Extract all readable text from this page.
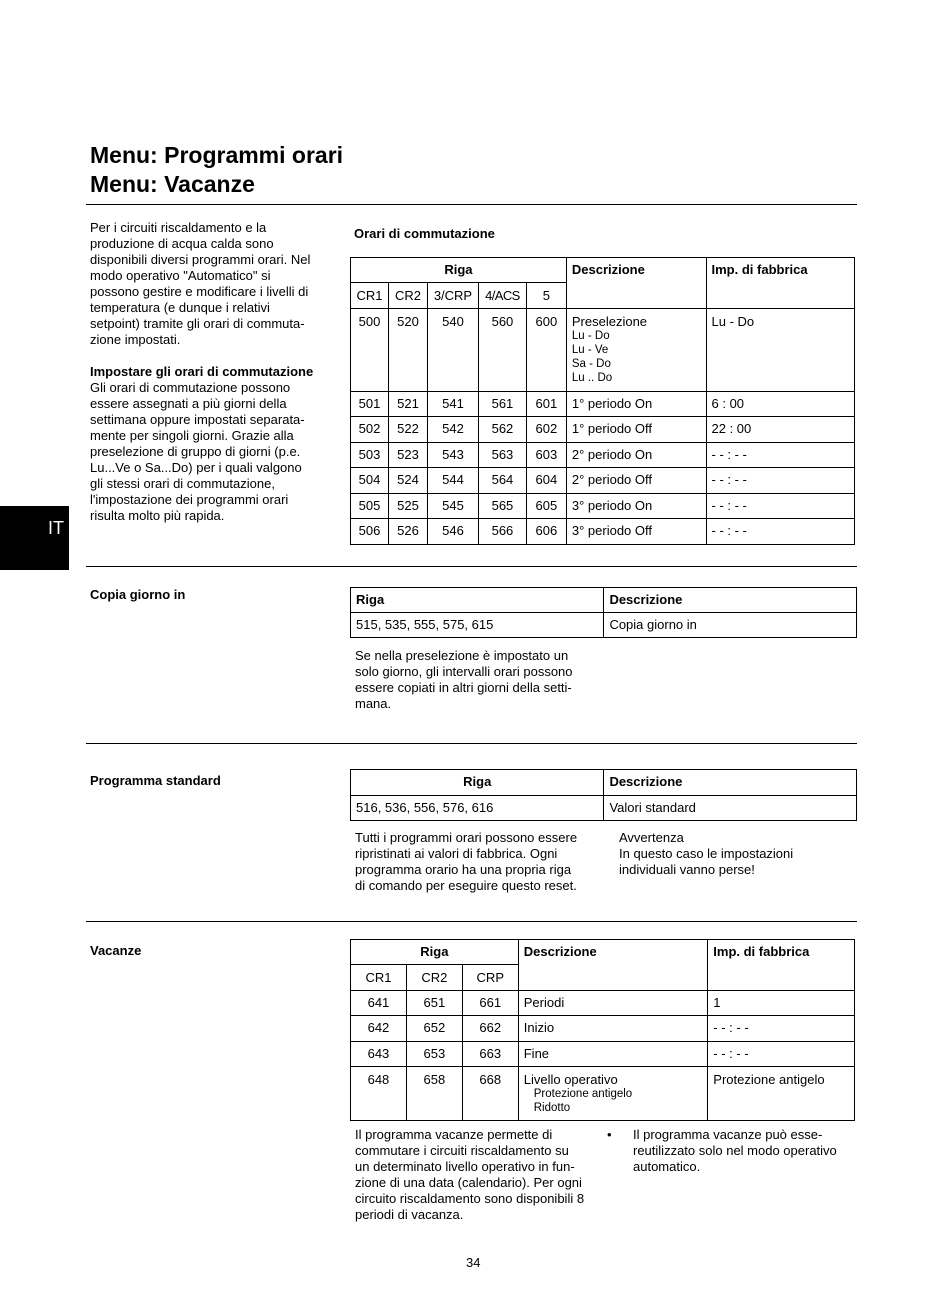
Menu: Programmi orari
Menu: Vacanze
IT

Per i circuiti riscaldamento e la
produzione di acqua calda sono
disponibili diversi programmi orari. Nel
modo operativo "Automatico" si
possono gestire e modificare i livelli di
temperatura (e dunque i relativi
setpoint) tramite gli orari di commuta-
zione impostati.

Impostare gli orari di commutazione

Gli orari di commutazione possono
essere assegnati a più giorni della
settimana oppure impostati separata-
mente per singoli giorni. Grazie alla
preselezione di gruppo di giorni (p.e.
Lu...Ve o Sa...Do) per i quali valgono
gli stessi orari di commutazione,
l'impostazione dei programmi orari
risulta molto più rapida.

Orari di commutazione
Riga					Descrizione	Imp. di fabbrica
CR1	CR2	3/CRP	4/ACS	5		
500	520	540	560	600	Preselezione
Lu - Do
Lu - Ve
Sa - Do
Lu .. Do	Lu - Do
501	521	541	561	601	1° periodo On	6 : 00
502	522	542	562	602	1° periodo Off	22 : 00
503	523	543	563	603	2° periodo On	- - : - -
504	524	544	564	604	2° periodo Off	- - : - -
505	525	545	565	605	3° periodo On	- - : - -
506	526	546	566	606	3° periodo Off	- - : - -
Copia giorno in	Riga	Descrizione
515, 535, 555, 575, 615	Copia giorno in

Se nella preselezione è impostato un
solo giorno, gli intervalli orari possono
essere copiati in altri giorni della setti-
mana.

Programma standard	Riga	Descrizione
516, 536, 556, 576, 616	Valori standard

Tutti i programmi orari possono essere
ripristinati ai valori di fabbrica. Ogni
programma orario ha una propria riga
di comando per eseguire questo reset.

Avvertenza

In questo caso le impostazioni
individuali vanno perse!

Vacanze	Riga			Descrizione	Imp. di fabbrica
CR1	CR2	CRP		
641	651	661	Periodi	1
642	652	662	Inizio	- - : - -
643	653	663	Fine	- - : - -
648	658	668	Livello operativo
Protezione antigelo
Ridotto	Protezione antigelo

Il programma vacanze permette di
commutare i circuiti riscaldamento su
un determinato livello operativo in fun-
zione di una data (calendario). Per ogni
circuito riscaldamento sono disponibili 8
periodi di vacanza.

•	Il programma vacanze può esse-
reutilizzato solo nel modo operativo
automatico.

34
